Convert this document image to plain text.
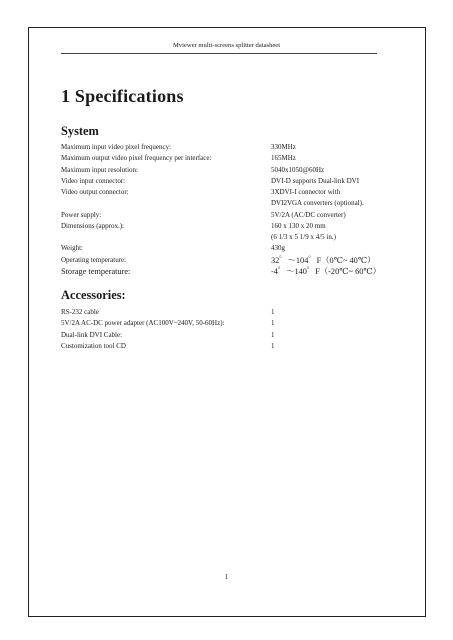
Mviewer multi-screens splitter datasheet
1 Specifications
System
Maximum input video pixel frequency:	330MHz
Maximum output video pixel frequency per interface:	165MHz
Maximum input resolution:	5040x1050@60Hz
Video input connector:	DVI-D supports Dual-link DVI
Video output connector:	3XDVI-I connector with
DVI2VGA converters (optional).
Power supply:	5V/2A (AC/DC converter)
Dimensions (approx.):	160 x 130 x 20 mm
(6 1/3 x 5 1/9 x 4/5 in.)
Weight:	430g
Operating temperature:	32゜～104゜F（0℃~ 40℃）
Storage temperature:	-4゜～140゜F（-20℃~ 60℃）
Accessories:
RS-232 cable	1
5V/2A AC-DC power adapter (AC100V~240V, 50-60Hz):	1
Dual-link DVI Cable:	1
Customization tool CD	1
1
